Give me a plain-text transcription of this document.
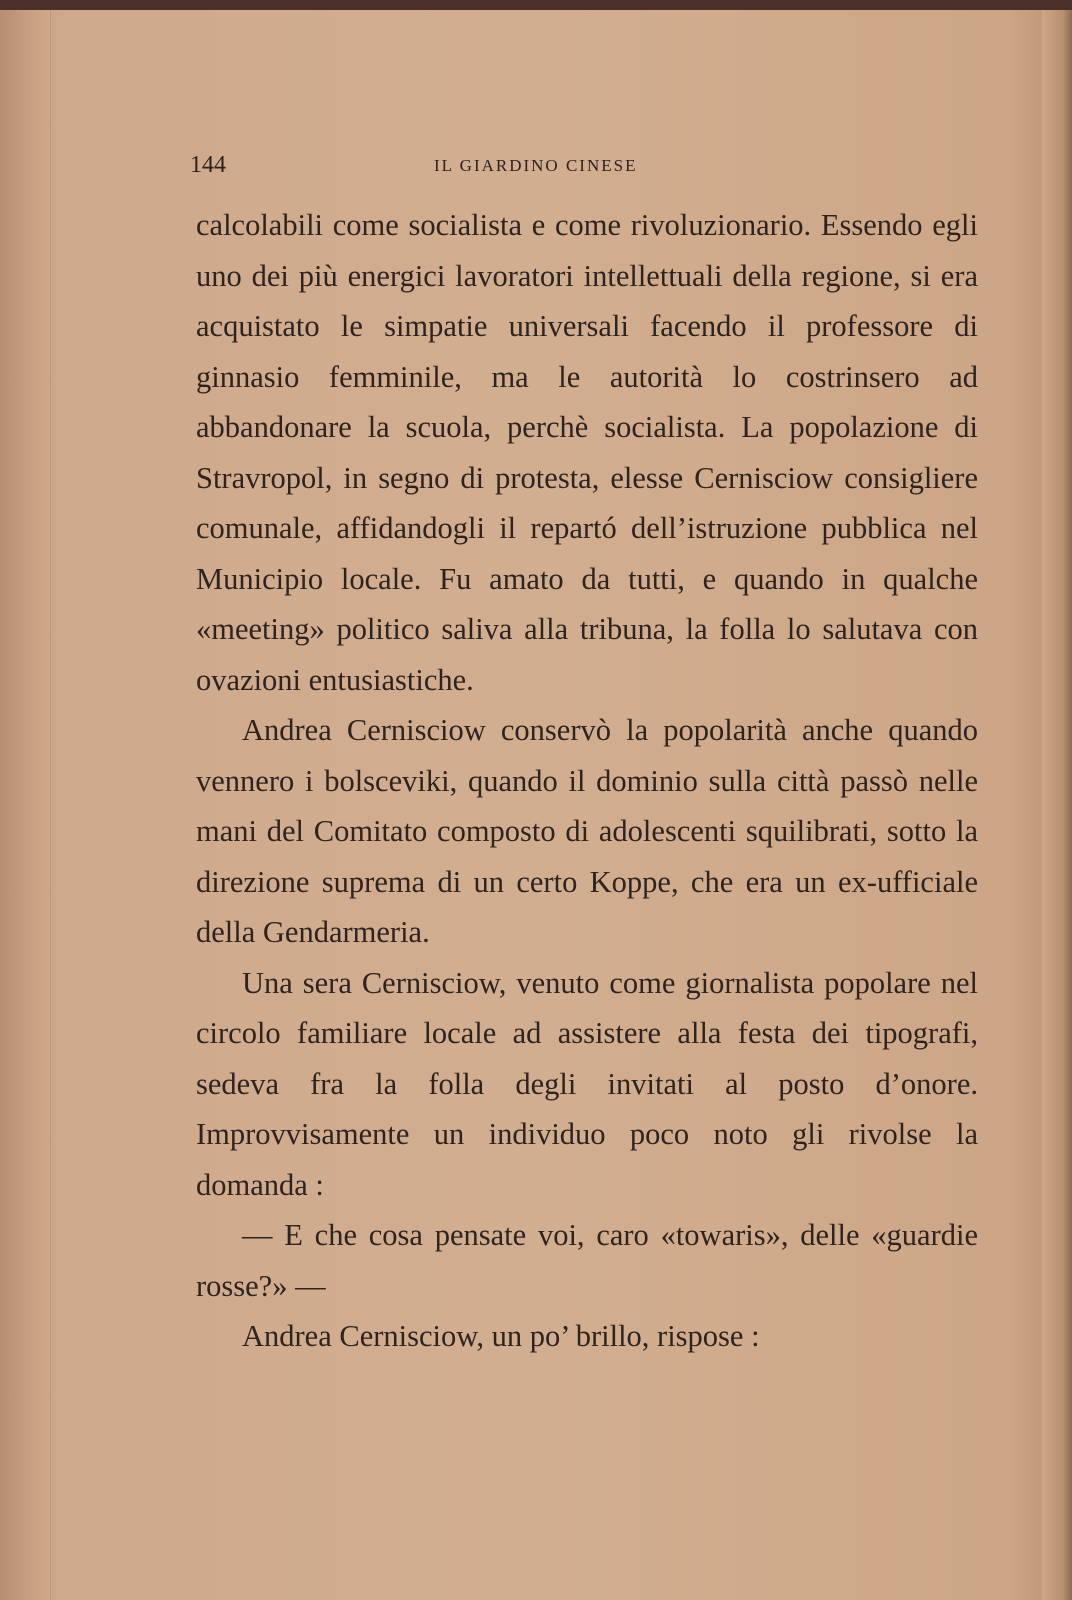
144	IL GIARDINO CINESE

calcolabili come socialista e come rivoluzionario. Essendo egli uno dei più energici lavoratori intellettuali della regione, si era acquistato le simpatie universali facendo il professore di ginnasio femminile, ma le autorità lo costrinsero ad abbandonare la scuola, perchè socialista. La popolazione di Stravropol, in segno di protesta, elesse Cerniscio​w consigliere comunale, affidandogli il repartó dell’istruzione pubblica nel Municipio locale. Fu amato da tutti, e quando in qualche «meeting» politico saliva alla tribuna, la folla lo salutava con ovazioni entusiastiche.

Andrea Cerniscio​w conservò la popolarità anche quando vennero i bolsceviki, quando il dominio sulla città passò nelle mani del Comitato composto di adolescenti squilibrati, sotto la direzione suprema di un certo Koppe, che era un ex-ufficiale della Gendarmeria.

Una sera Cerniscio​w, venuto come giornalista popolare nel circolo familiare locale ad assistere alla festa dei tipografi, sedeva fra la folla degli invitati al posto d’onore. Improvvisamente un individuo poco noto gli rivolse la domanda :

— E che cosa pensate voi, caro «towaris», delle «guardie rosse?» —

Andrea Cerniscio​w, un po’ brillo, rispose :
